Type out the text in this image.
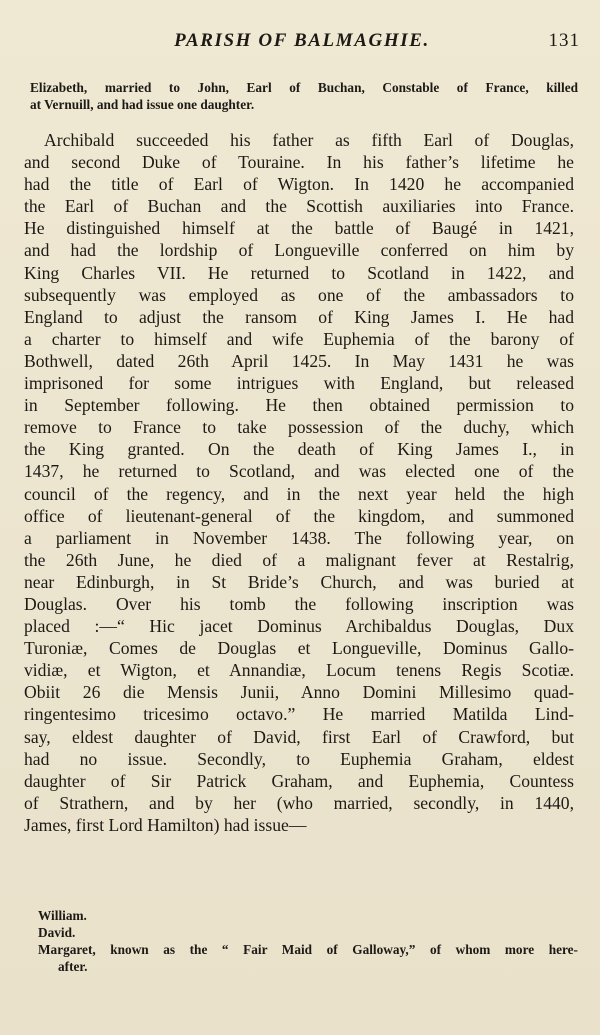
PARISH OF BALMAGHIE.	131
Elizabeth, married to John, Earl of Buchan, Constable of France, killed
at Vernuill, and had issue one daughter.
Archibald succeeded his father as fifth Earl of Douglas,
and second Duke of Touraine. In his father’s lifetime he
had the title of Earl of Wigton. In 1420 he accompanied
the Earl of Buchan and the Scottish auxiliaries into France.
He distinguished himself at the battle of Baugé in 1421,
and had the lordship of Longueville conferred on him by
King Charles VII. He returned to Scotland in 1422, and
subsequently was employed as one of the ambassadors to
England to adjust the ransom of King James I. He had
a charter to himself and wife Euphemia of the barony of
Bothwell, dated 26th April 1425. In May 1431 he was
imprisoned for some intrigues with England, but released
in September following. He then obtained permission to
remove to France to take possession of the duchy, which
the King granted. On the death of King James I., in
1437, he returned to Scotland, and was elected one of the
council of the regency, and in the next year held the high
office of lieutenant-general of the kingdom, and summoned
a parliament in November 1438. The following year, on
the 26th June, he died of a malignant fever at Restalrig,
near Edinburgh, in St Bride’s Church, and was buried at
Douglas. Over his tomb the following inscription was
placed :—“ Hic jacet Dominus Archibaldus Douglas, Dux
Turoniæ, Comes de Douglas et Longueville, Dominus Gallo-
vidiæ, et Wigton, et Annandiæ, Locum tenens Regis Scotiæ.
Obiit 26 die Mensis Junii, Anno Domini Millesimo quad-
ringentesimo tricesimo octavo.” He married Matilda Lind-
say, eldest daughter of David, first Earl of Crawford, but
had no issue. Secondly, to Euphemia Graham, eldest
daughter of Sir Patrick Graham, and Euphemia, Countess
of Strathern, and by her (who married, secondly, in 1440,
James, first Lord Hamilton) had issue—
William.
David.
Margaret, known as the “ Fair Maid of Galloway,” of whom more here-
after.
